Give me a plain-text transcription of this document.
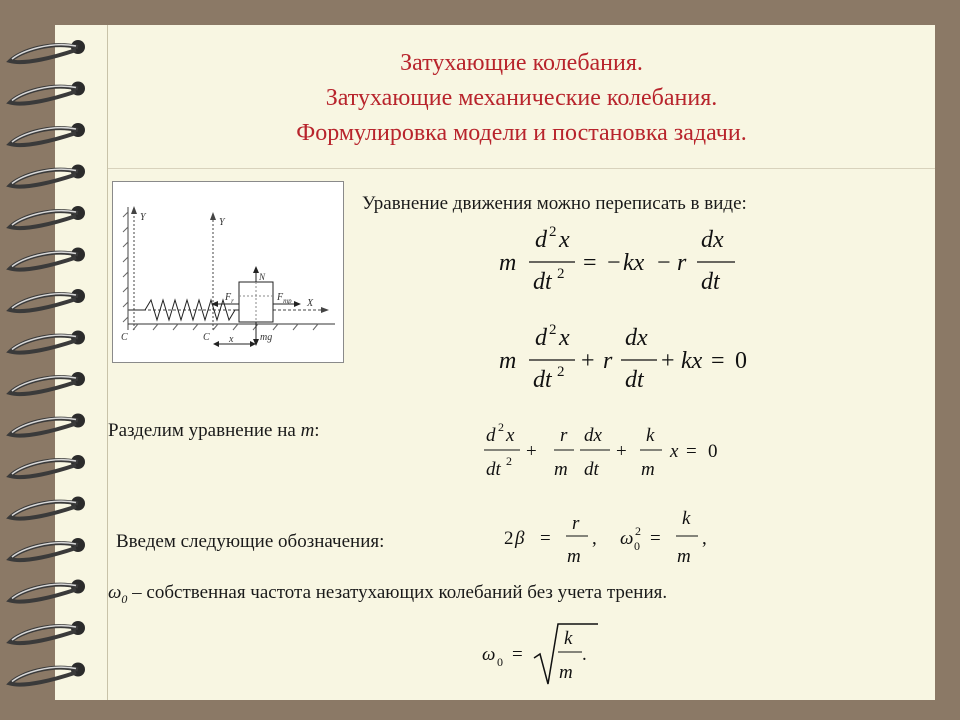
Затухающие колебания.
Затухающие механические колебания.
Формулировка модели и постановка задачи.
Y	Y
X
$F_r$	$F_{тр}$
N
mg
C	C x
Уравнение движения можно переписать в виде:
m
d 2 x
dt 2 = − kx − r
dx
dt
m
d 2 x
dt 2 + r
dx
dt
+ kx = 0
Разделим уравнение на m:	d 2 x
dt 2 +
r
m
dx
dt
+
k
m
x = 0
Введем следующие обозначения:	2 β =
r
m
, ω 0
2 =
k
m
,
$\omega_0$ – собственная частота незатухающих колебаний без учета трения.
ω 0 =
k
m
.
